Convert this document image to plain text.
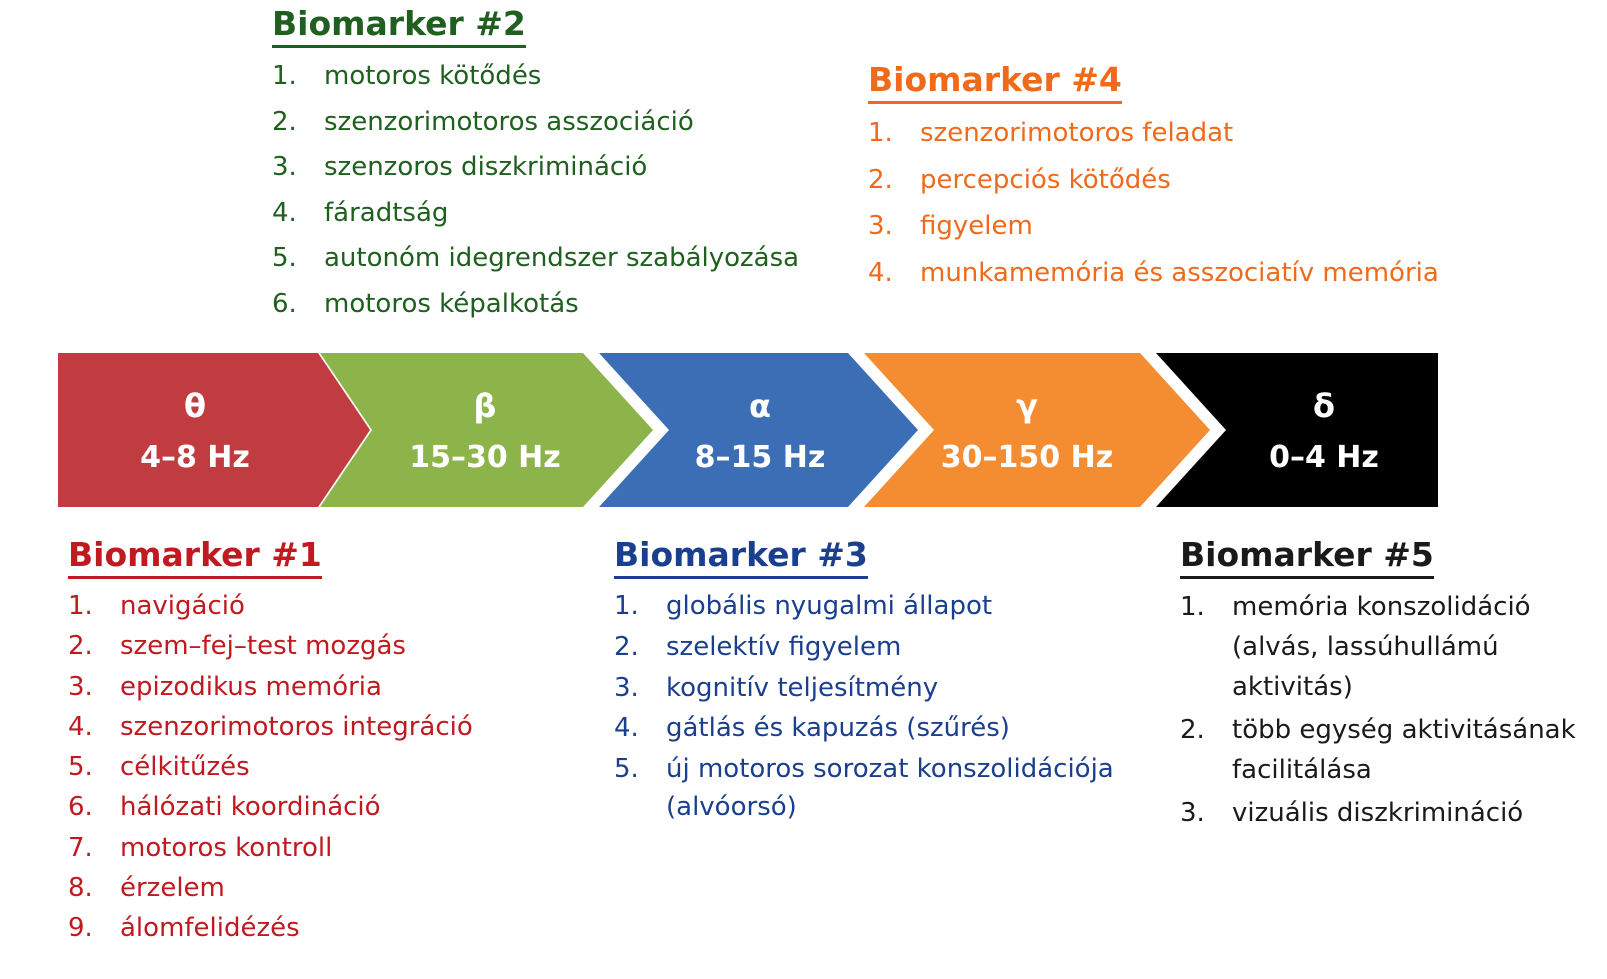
Biomarker #2
1.	motoros kötődés
2.	szenzorimotoros asszociáció
3.	szenzoros diszkrimináció
4.	fáradtság
5.	autonóm idegrendszer szabályozása
6.	motoros képalkotás
Biomarker #4
1.	szenzorimotoros feladat
2.	percepciós kötődés
3.	figyelem
4.	munkamemória és asszociatív memória
θ
4–8 Hz
β
15–30 Hz
α
8–15 Hz
γ
30–150 Hz
δ
0–4 Hz
Biomarker #1
1.	navigáció
2.	szem–fej–test mozgás
3.	epizodikus memória
4.	szenzorimotoros integráció
5.	célkitűzés
6.	hálózati koordináció
7.	motoros kontroll
8.	érzelem
9.	álomfelidézés
Biomarker #3
1.	globális nyugalmi állapot
2.	szelektív figyelem
3.	kognitív teljesítmény
4.	gátlás és kapuzás (szűrés)
5.	új motoros sorozat konszolidációja
(alvóorsó)
Biomarker #5
1.	memória konszolidáció (alvás, lassúhullámú aktivitás)
2.	több egység aktivitásának facilitálása
3.	vizuális diszkrimináció
